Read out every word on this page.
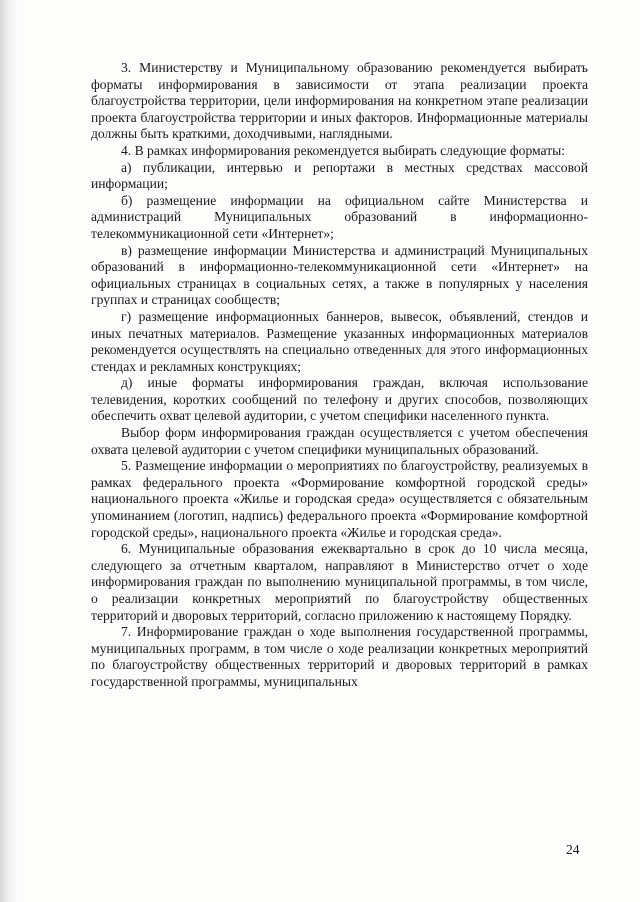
3. Министерству и Муниципальному образованию рекомендуется выбирать форматы информирования в зависимости от этапа реализации проекта благоустройства территории, цели информирования на конкретном этапе реализации проекта благоустройства территории и иных факторов. Информационные материалы должны быть краткими, доходчивыми, наглядными.

4. В рамках информирования рекомендуется выбирать следующие форматы:

а) публикации, интервью и репортажи в местных средствах массовой информации;

б) размещение информации на официальном сайте Министерства и администраций Муниципальных образований в информационно-телекоммуникационной сети «Интернет»;

в) размещение информации Министерства и администраций Муниципальных образований в информационно-телекоммуникационной сети «Интернет» на официальных страницах в социальных сетях, а также в популярных у населения группах и страницах сообществ;

г) размещение информационных баннеров, вывесок, объявлений, стендов и иных печатных материалов. Размещение указанных информационных материалов рекомендуется осуществлять на специально отведенных для этого информационных стендах и рекламных конструкциях;

д) иные форматы информирования граждан, включая использование телевидения, коротких сообщений по телефону и других способов, позволяющих обеспечить охват целевой аудитории, с учетом специфики населенного пункта.

Выбор форм информирования граждан осуществляется с учетом обеспечения охвата целевой аудитории с учетом специфики муниципальных образований.

5. Размещение информации о мероприятиях по благоустройству, реализуемых в рамках федерального проекта «Формирование комфортной городской среды» национального проекта «Жилье и городская среда» осуществляется с обязательным упоминанием (логотип, надпись) федерального проекта «Формирование комфортной городской среды», национального проекта «Жилье и городская среда».

6. Муниципальные образования ежеквартально в срок до 10 числа месяца, следующего за отчетным кварталом, направляют в Министерство отчет о ходе информирования граждан по выполнению муниципальной программы, в том числе, о реализации конкретных мероприятий по благоустройству общественных территорий и дворовых территорий, согласно приложению к настоящему Порядку.

7. Информирование граждан о ходе выполнения государственной программы, муниципальных программ, в том числе о ходе реализации конкретных мероприятий по благоустройству общественных территорий и дворовых территорий в рамках государственной программы, муниципальных

24
